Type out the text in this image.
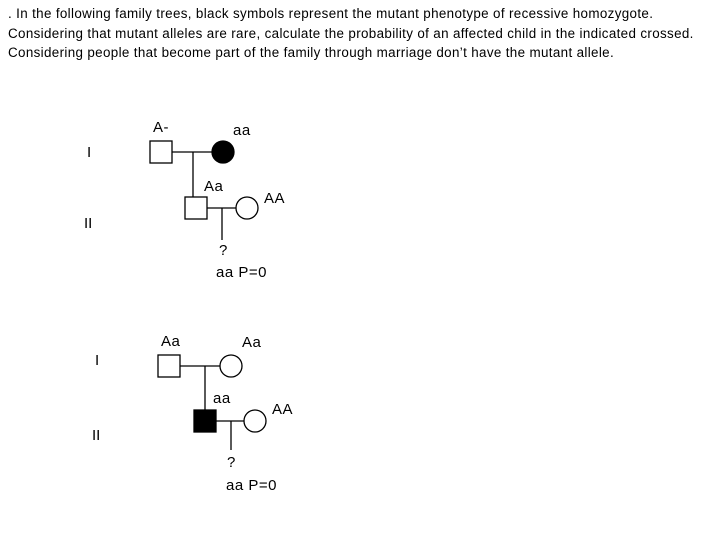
. In the following family trees, black symbols represent the mutant phenotype of recessive homozygote. Considering that mutant alleles are rare, calculate the probability of an affected child in the indicated crossed. Considering people that become part of the family through marriage don’t have the mutant allele.

I
II
A-	aa
Aa
AA
?
aa P=0
I
II
Aa	Aa
aa
AA
?
aa P=0
